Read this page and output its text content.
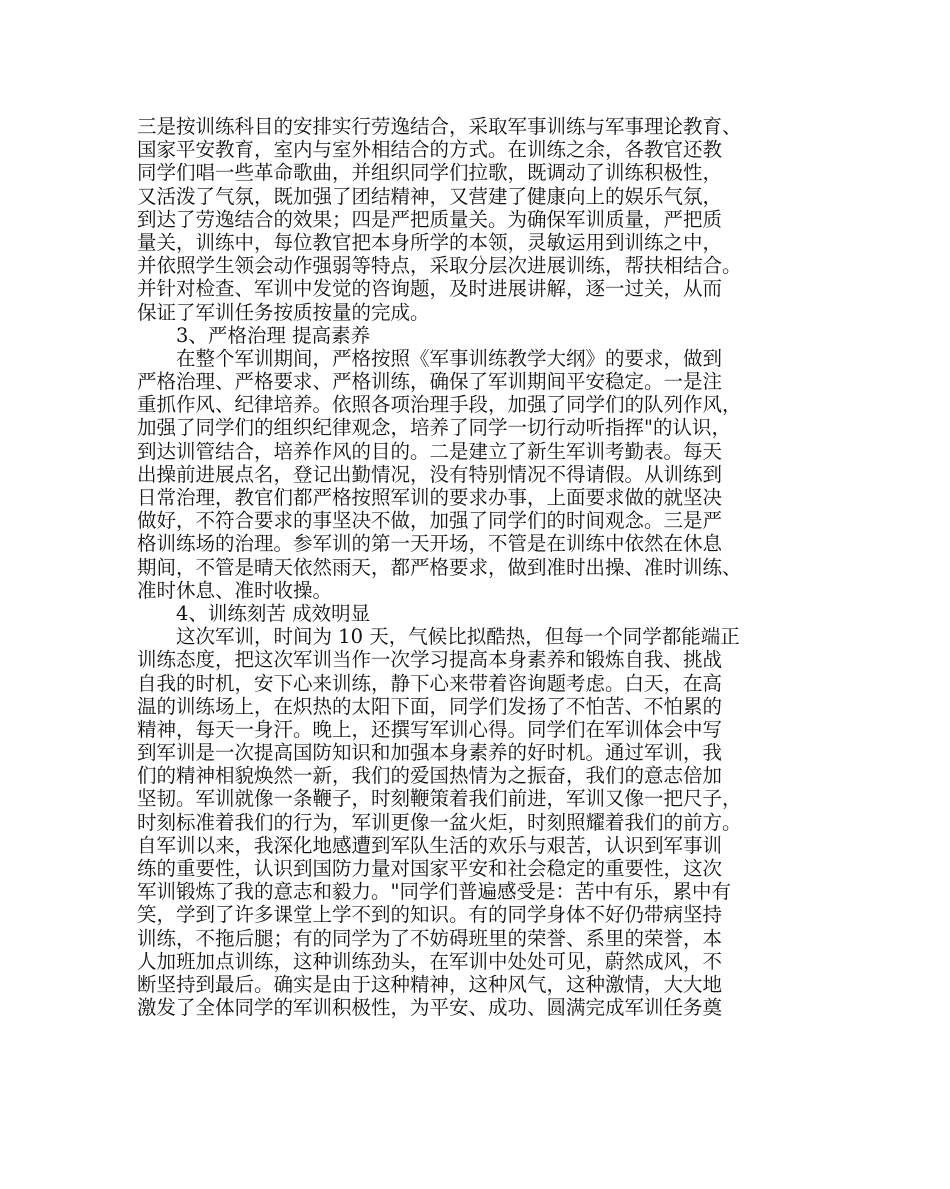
三是按训练科目的安排实行劳逸结合，采取军事训练与军事理论教育、
国家平安教育，室内与室外相结合的方式。在训练之余，各教官还教
同学们唱一些革命歌曲，并组织同学们拉歌，既调动了训练积极性，
又活泼了气氛，既加强了团结精神，又营建了健康向上的娱乐气氛，
到达了劳逸结合的效果；四是严把质量关。为确保军训质量，严把质
量关，训练中，每位教官把本身所学的本领，灵敏运用到训练之中，
并依照学生领会动作强弱等特点，采取分层次进展训练，帮扶相结合。
并针对检查、军训中发觉的咨询题，及时进展讲解，逐一过关，从而
保证了军训任务按质按量的完成。
3、严格治理 提高素养
在整个军训期间，严格按照《军事训练教学大纲》的要求，做到
严格治理、严格要求、严格训练，确保了军训期间平安稳定。一是注
重抓作风、纪律培养。依照各项治理手段，加强了同学们的队列作风，
加强了同学们的组织纪律观念，培养了同学一切行动听指挥"的认识，
到达训管结合，培养作风的目的。二是建立了新生军训考勤表。每天
出操前进展点名，登记出勤情况，没有特别情况不得请假。从训练到
日常治理，教官们都严格按照军训的要求办事，上面要求做的就坚决
做好，不符合要求的事坚决不做，加强了同学们的时间观念。三是严
格训练场的治理。参军训的第一天开场，不管是在训练中依然在休息
期间，不管是晴天依然雨天，都严格要求，做到准时出操、准时训练、
准时休息、准时收操。
4、训练刻苦 成效明显
这次军训，时间为 10 天，气候比拟酷热，但每一个同学都能端正
训练态度，把这次军训当作一次学习提高本身素养和锻炼自我、挑战
自我的时机，安下心来训练，静下心来带着咨询题考虑。白天，在高
温的训练场上，在炽热的太阳下面，同学们发扬了不怕苦、不怕累的
精神，每天一身汗。晚上，还撰写军训心得。同学们在军训体会中写
到军训是一次提高国防知识和加强本身素养的好时机。通过军训，我
们的精神相貌焕然一新，我们的爱国热情为之振奋，我们的意志倍加
坚韧。军训就像一条鞭子，时刻鞭策着我们前进，军训又像一把尺子，
时刻标准着我们的行为，军训更像一盆火炬，时刻照耀着我们的前方。
自军训以来，我深化地感遭到军队生活的欢乐与艰苦，认识到军事训
练的重要性，认识到国防力量对国家平安和社会稳定的重要性，这次
军训锻炼了我的意志和毅力。"同学们普遍感受是：苦中有乐，累中有
笑，学到了许多课堂上学不到的知识。有的同学身体不好仍带病坚持
训练，不拖后腿；有的同学为了不妨碍班里的荣誉、系里的荣誉，本
人加班加点训练，这种训练劲头，在军训中处处可见，蔚然成风，不
断坚持到最后。确实是由于这种精神，这种风气，这种激情，大大地
激发了全体同学的军训积极性，为平安、成功、圆满完成军训任务奠
